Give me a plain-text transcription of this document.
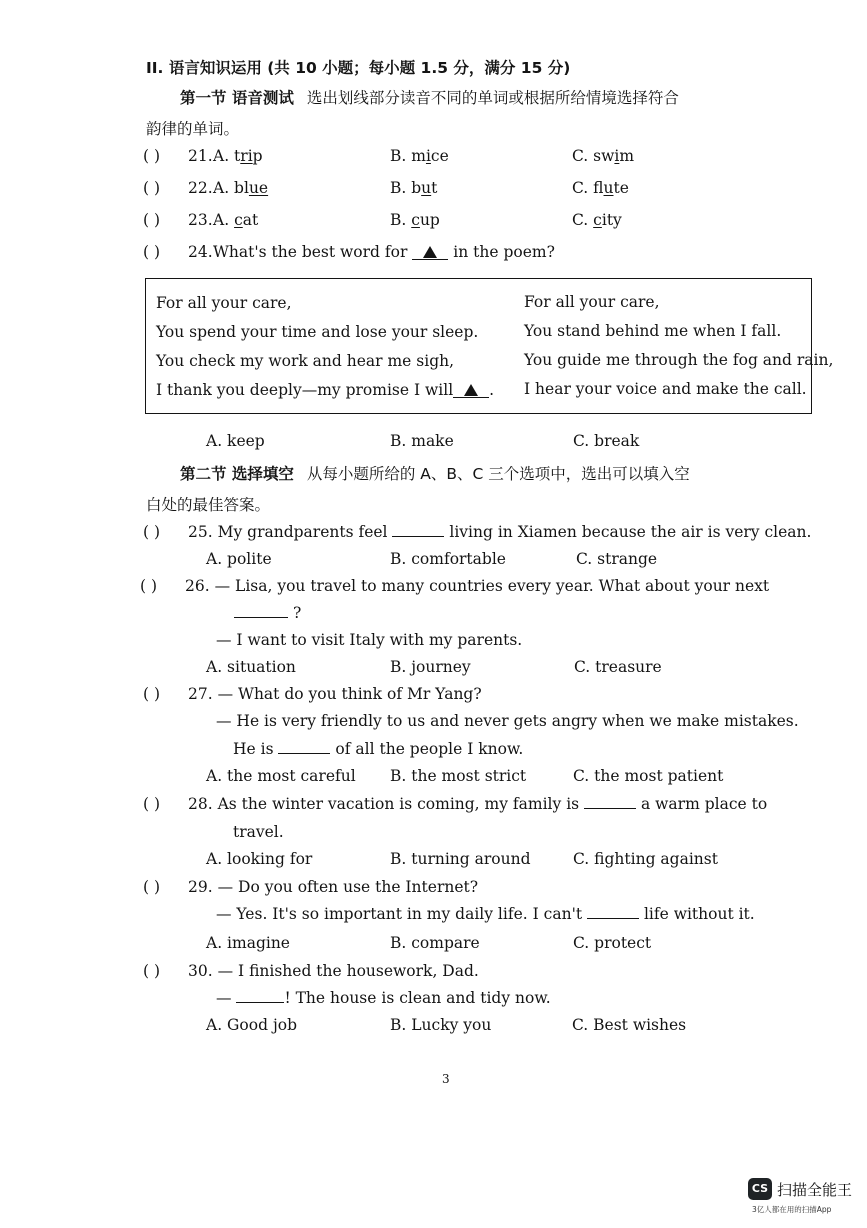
II. 语言知识运用 (共 10 小题；每小题 1.5 分，满分 15 分)
第一节 语音测试 选出划线部分读音不同的单词或根据所给情境选择符合
韵律的单词。
( ) 21. A. trip	B. mice	C. swim
( ) 22. A. blue	B. but	C. flute
( ) 23. A. cat	B. cup	C. city
( ) 24. What's the best word for	in the poem?
For all your care,
You spend your time and lose your sleep.
You check my work and hear me sigh,
I thank you deeply—my promise I will .
For all your care,
You stand behind me when I fall.
You guide me through the fog and rain,
I hear your voice and make the call.
A. keep	B. make	C. break
第二节 选择填空 从每小题所给的 A、B、C 三个选项中，选出可以填入空
白处的最佳答案。
( ) 25. My grandparents feel	living in Xiamen because the air is very clean.
A. polite	B. comfortable	C. strange
( ) 26. — Lisa, you travel to many countries every year. What about your next
?
— I want to visit Italy with my parents.
A. situation	B. journey	C. treasure
( ) 27. — What do you think of Mr Yang?
— He is very friendly to us and never gets angry when we make mistakes.
He is	of all the people I know.
A. the most careful B. the most strict	C. the most patient
( ) 28. As the winter vacation is coming, my family is	a warm place to
travel.
A. looking for	B. turning around	C. fighting against
( ) 29. — Do you often use the Internet?
— Yes. It's so important in my daily life. I can't	life without it.
A. imagine	B. compare	C. protect
( ) 30. — I finished the housework, Dad.
—	! The house is clean and tidy now.
A. Good job	B. Lucky you	C. Best wishes
3
CS 扫描全能王
3亿人都在用的扫描App
